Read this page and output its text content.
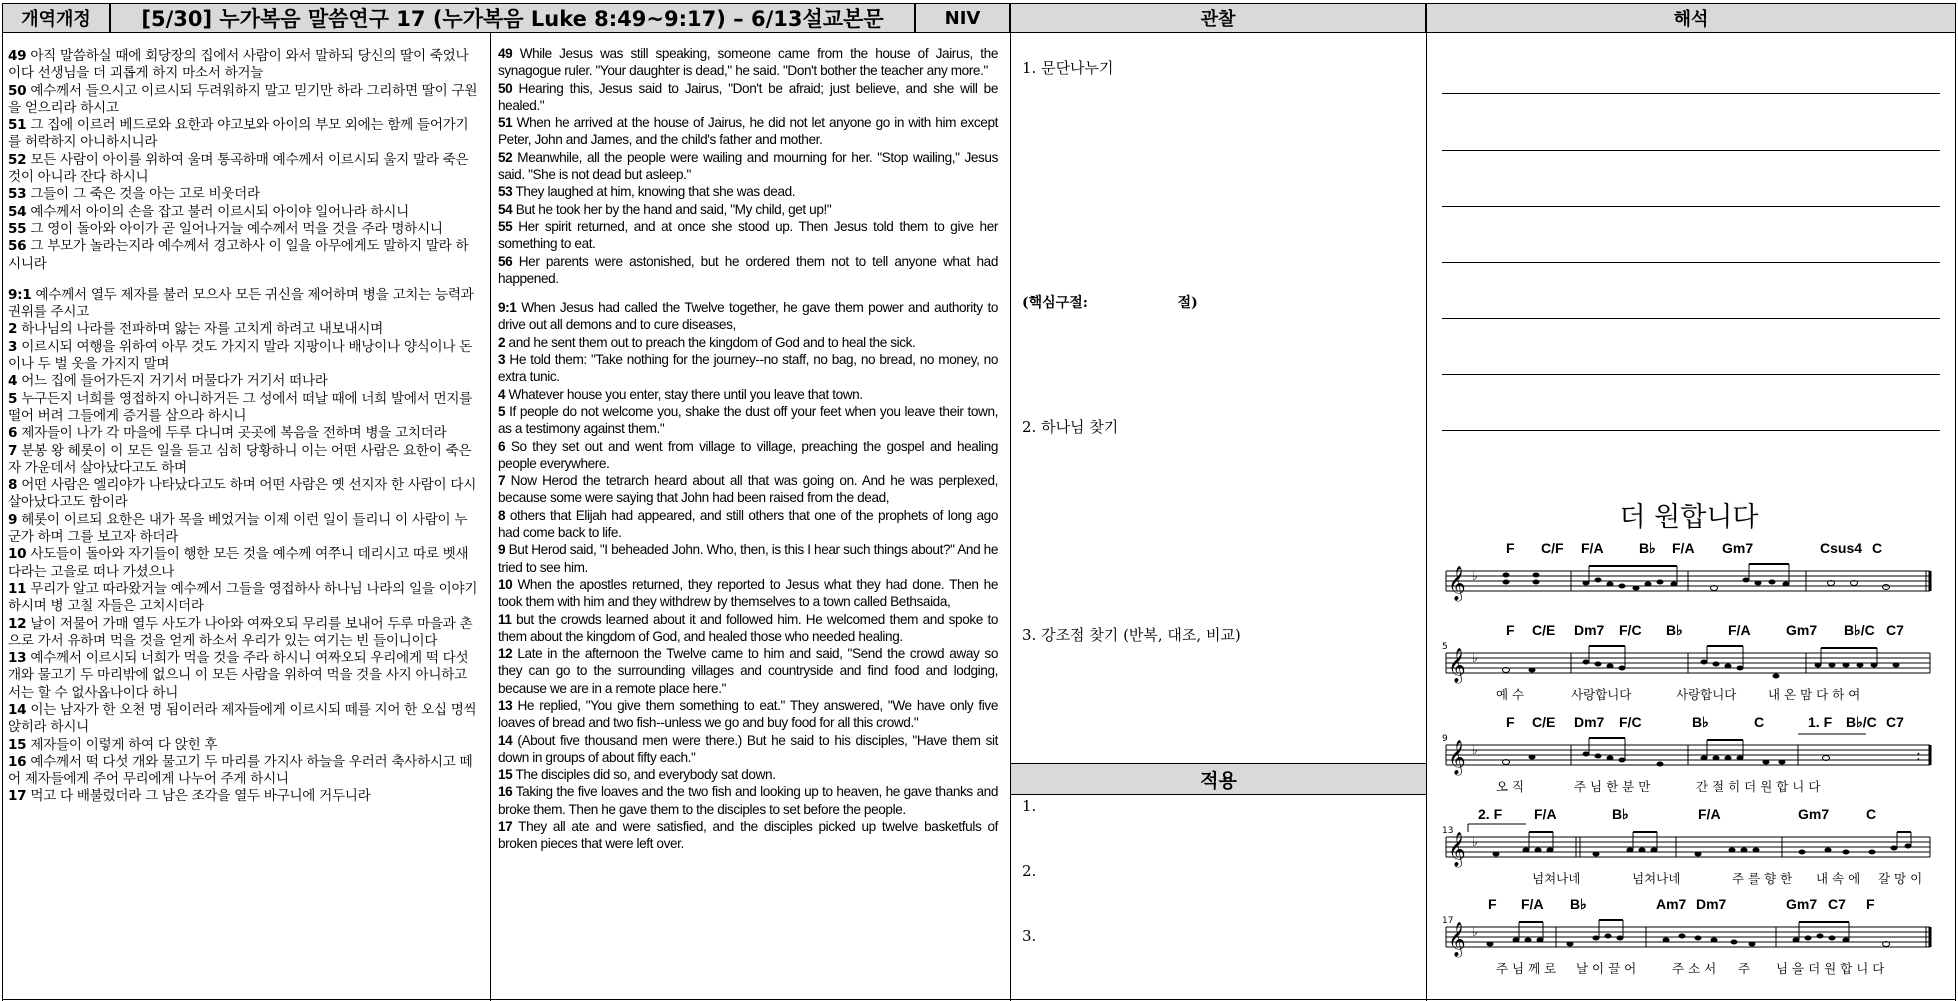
개역개정	[5/30] 누가복음 말씀연구 17 (누가복음 Luke 8:49~9:17) – 6/13설교본문	NIV	관찰	해석

49 아직 말씀하실 때에 회당장의 집에서 사람이 와서 말하되 당신의 딸이 죽었나이다 선생님을 더 괴롭게 하지 마소서 하거늘

50 예수께서 들으시고 이르시되 두려워하지 말고 믿기만 하라 그리하면 딸이 구원을 얻으리라 하시고

51 그 집에 이르러 베드로와 요한과 야고보와 아이의 부모 외에는 함께 들어가기를 허락하지 아니하시니라

52 모든 사람이 아이를 위하여 울며 통곡하매 예수께서 이르시되 울지 말라 죽은 것이 아니라 잔다 하시니

53 그들이 그 죽은 것을 아는 고로 비웃더라

54 예수께서 아이의 손을 잡고 불러 이르시되 아이야 일어나라 하시니

55 그 영이 돌아와 아이가 곧 일어나거늘 예수께서 먹을 것을 주라 명하시니

56 그 부모가 놀라는지라 예수께서 경고하사 이 일을 아무에게도 말하지 말라 하시니라

9:1 예수께서 열두 제자를 불러 모으사 모든 귀신을 제어하며 병을 고치는 능력과 권위를 주시고

2 하나님의 나라를 전파하며 앓는 자를 고치게 하려고 내보내시며

3 이르시되 여행을 위하여 아무 것도 가지지 말라 지팡이나 배낭이나 양식이나 돈이나 두 벌 옷을 가지지 말며

4 어느 집에 들어가든지 거기서 머물다가 거기서 떠나라

5 누구든지 너희를 영접하지 아니하거든 그 성에서 떠날 때에 너희 발에서 먼지를 떨어 버려 그들에게 증거를 삼으라 하시니

6 제자들이 나가 각 마을에 두루 다니며 곳곳에 복음을 전하며 병을 고치더라

7 분봉 왕 헤롯이 이 모든 일을 듣고 심히 당황하니 이는 어떤 사람은 요한이 죽은 자 가운데서 살아났다고도 하며

8 어떤 사람은 엘리야가 나타났다고도 하며 어떤 사람은 옛 선지자 한 사람이 다시 살아났다고도 함이라

9 헤롯이 이르되 요한은 내가 목을 베었거늘 이제 이런 일이 들리니 이 사람이 누군가 하며 그를 보고자 하더라

10 사도들이 돌아와 자기들이 행한 모든 것을 예수께 여쭈니 데리시고 따로 벳새다라는 고을로 떠나 가셨으나

11 무리가 알고 따라왔거늘 예수께서 그들을 영접하사 하나님 나라의 일을 이야기하시며 병 고칠 자들은 고치시더라

12 날이 저물어 가매 열두 사도가 나아와 여짜오되 무리를 보내어 두루 마을과 촌으로 가서 유하며 먹을 것을 얻게 하소서 우리가 있는 여기는 빈 들이니이다

13 예수께서 이르시되 너희가 먹을 것을 주라 하시니 여짜오되 우리에게 떡 다섯 개와 물고기 두 마리밖에 없으니 이 모든 사람을 위하여 먹을 것을 사지 아니하고서는 할 수 없사옵나이다 하니

14 이는 남자가 한 오천 명 됨이러라 제자들에게 이르시되 떼를 지어 한 오십 명씩 앉히라 하시니

15 제자들이 이렇게 하여 다 앉힌 후

16 예수께서 떡 다섯 개와 물고기 두 마리를 가지사 하늘을 우러러 축사하시고 떼어 제자들에게 주어 무리에게 나누어 주게 하시니

17 먹고 다 배불렀더라 그 남은 조각을 열두 바구니에 거두니라

49 While Jesus was still speaking, someone came from the house of Jairus, the synagogue ruler. "Your daughter is dead," he said. "Don't bother the teacher any more."

50 Hearing this, Jesus said to Jairus, "Don't be afraid; just believe, and she will be healed."

51 When he arrived at the house of Jairus, he did not let anyone go in with him except Peter, John and James, and the child's father and mother.

52 Meanwhile, all the people were wailing and mourning for her. "Stop wailing," Jesus said. "She is not dead but asleep."

53 They laughed at him, knowing that she was dead.

54 But he took her by the hand and said, "My child, get up!"

55 Her spirit returned, and at once she stood up. Then Jesus told them to give her something to eat.

56 Her parents were astonished, but he ordered them not to tell anyone what had happened.

9:1 When Jesus had called the Twelve together, he gave them power and authority to drive out all demons and to cure diseases,

2 and he sent them out to preach the kingdom of God and to heal the sick.

3 He told them: "Take nothing for the journey--no staff, no bag, no bread, no money, no extra tunic.

4 Whatever house you enter, stay there until you leave that town.

5 If people do not welcome you, shake the dust off your feet when you leave their town, as a testimony against them."

6 So they set out and went from village to village, preaching the gospel and healing people everywhere.

7 Now Herod the tetrarch heard about all that was going on. And he was perplexed, because some were saying that John had been raised from the dead,

8 others that Elijah had appeared, and still others that one of the prophets of long ago had come back to life.

9 But Herod said, "I beheaded John. Who, then, is this I hear such things about?" And he tried to see him.

10 When the apostles returned, they reported to Jesus what they had done. Then he took them with him and they withdrew by themselves to a town called Bethsaida,

11 but the crowds learned about it and followed him. He welcomed them and spoke to them about the kingdom of God, and healed those who needed healing.

12 Late in the afternoon the Twelve came to him and said, "Send the crowd away so they can go to the surrounding villages and countryside and find food and lodging, because we are in a remote place here."

13 He replied, "You give them something to eat." They answered, "We have only five loaves of bread and two fish--unless we go and buy food for all this crowd."

14 (About five thousand men were there.) But he said to his disciples, "Have them sit down in groups of about fifty each."

15 The disciples did so, and everybody sat down.

16 Taking the five loaves and the two fish and looking up to heaven, he gave thanks and broke them. Then he gave them to the disciples to set before the people.

17 They all ate and were satisfied, and the disciples picked up twelve basketfuls of broken pieces that were left over.

1. 문단나누기
(핵심구절:	절)
2. 하나님 찾기
3. 강조점 찾기 (반복, 대조, 비교)
적용
1.
2.
3.
더 원합니다
F C/F F/A	B♭ F/A Gm7	Csus4 C
𝄞 ♭
F C/E Dm7 F/C B♭	F/A	Gm7 B♭/C C7
5
𝄞 ♭
예 수	사랑합니다	사랑합니다	내 온 맘 다 하 여
F C/E Dm7 F/C	B♭	C	1. F B♭/C C7
9
𝄞 ♭	:
오 직	주 님 한 분 만	간 절 히 더 원 합 니 다
2. F F/A	B♭	F/A	Gm7	C
13
𝄞 ♭
넘쳐나네	넘쳐나네	주 를 향 한 내 속 에 갈 망 이
F F/A B♭	Am7 Dm7	Gm7 C7 F
17
𝄞 ♭
주 님 께 로 날 이 끌 어	주 소 서 주 님 을 더 원 합 니 다
